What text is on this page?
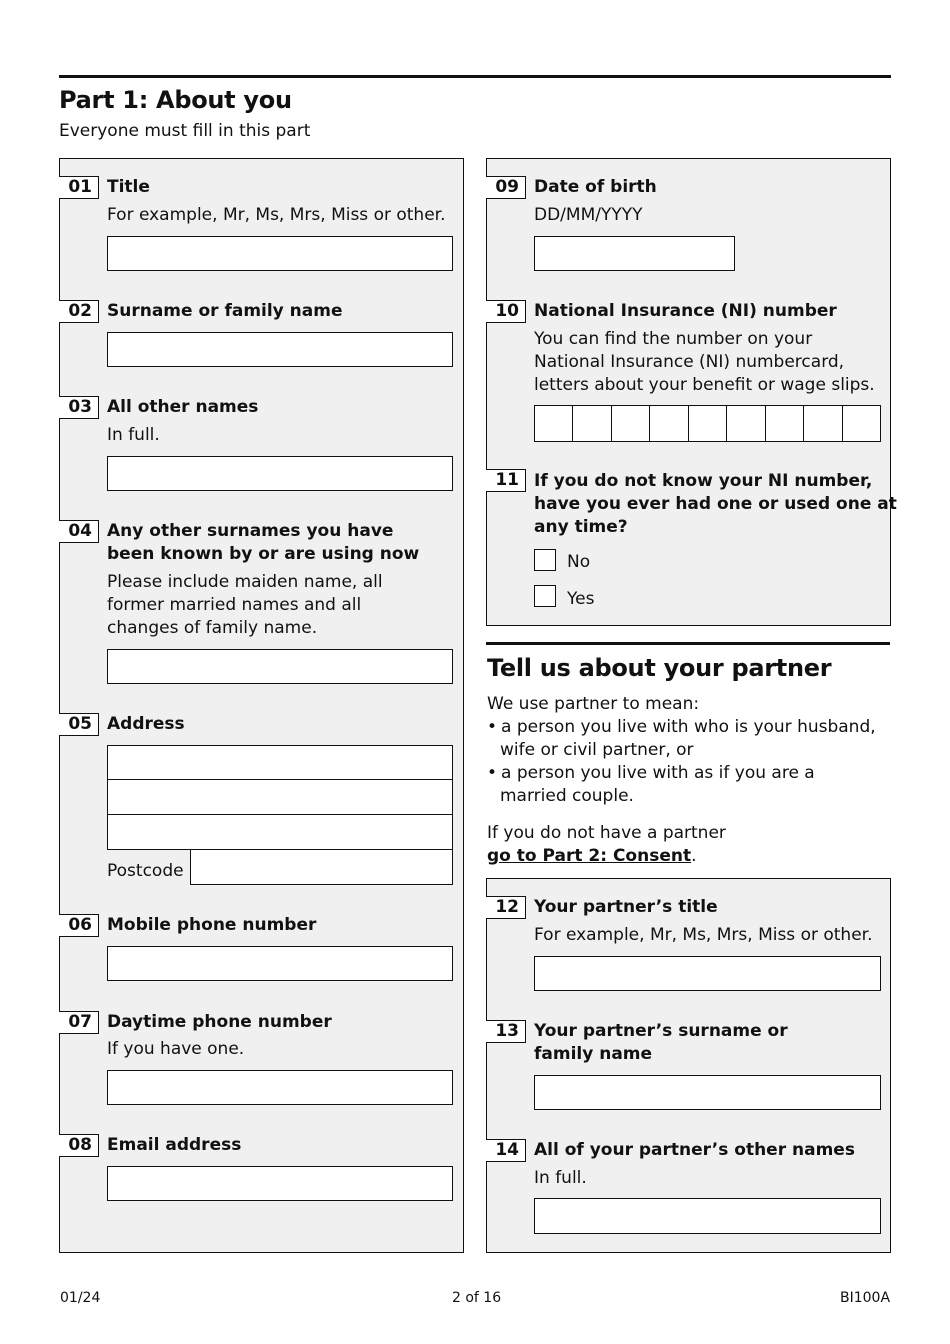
Part 1: About you
Everyone must fill in this part
01 Title
For example, Mr, Ms, Mrs, Miss or other.
02 Surname or family name
03 All other names
In full.
04 Any other surnames you have
been known by or are using now
Please include maiden name, all
former married names and all
changes of family name.
05 Address
Postcode
06 Mobile phone number
07 Daytime phone number
If you have one.
08 Email address
09 Date of birth
DD/MM/YYYY
10 National Insurance (NI) number
You can find the number on your
National Insurance (NI) numbercard,
letters about your benefit or wage slips.
11 If you do not know your NI number,
have you ever had one or used one at
any time?
No
Yes
Tell us about your partner
We use partner to mean:
• a person you live with who is your husband,
wife or civil partner, or
• a person you live with as if you are a
married couple.
If you do not have a partner
go to Part 2: Consent.
12 Your partner’s title
For example, Mr, Ms, Mrs, Miss or other.
13 Your partner’s surname or
family name
14 All of your partner’s other names
In full.
01/24	2 of 16	BI100A
